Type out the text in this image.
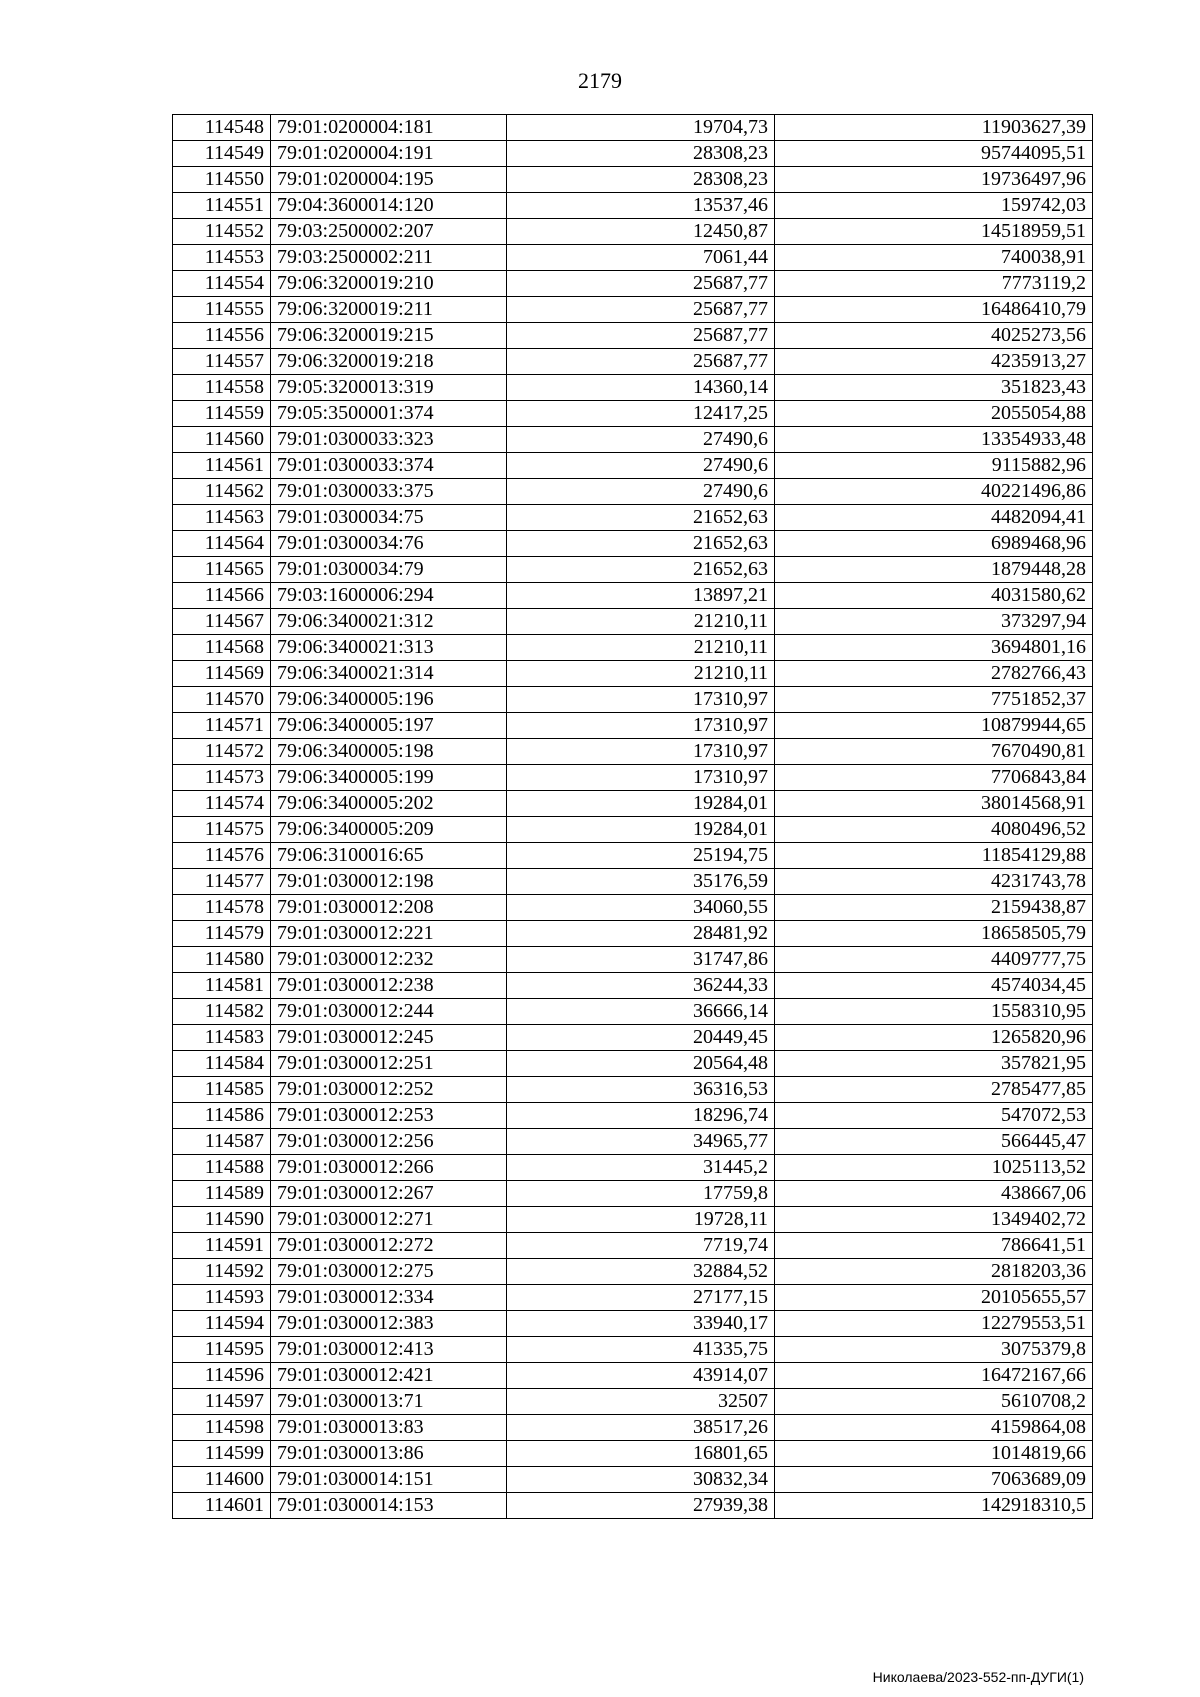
2179
114548	79:01:0200004:181	19704,73	11903627,39
114549	79:01:0200004:191	28308,23	95744095,51
114550	79:01:0200004:195	28308,23	19736497,96
114551	79:04:3600014:120	13537,46	159742,03
114552	79:03:2500002:207	12450,87	14518959,51
114553	79:03:2500002:211	7061,44	740038,91
114554	79:06:3200019:210	25687,77	7773119,2
114555	79:06:3200019:211	25687,77	16486410,79
114556	79:06:3200019:215	25687,77	4025273,56
114557	79:06:3200019:218	25687,77	4235913,27
114558	79:05:3200013:319	14360,14	351823,43
114559	79:05:3500001:374	12417,25	2055054,88
114560	79:01:0300033:323	27490,6	13354933,48
114561	79:01:0300033:374	27490,6	9115882,96
114562	79:01:0300033:375	27490,6	40221496,86
114563	79:01:0300034:75	21652,63	4482094,41
114564	79:01:0300034:76	21652,63	6989468,96
114565	79:01:0300034:79	21652,63	1879448,28
114566	79:03:1600006:294	13897,21	4031580,62
114567	79:06:3400021:312	21210,11	373297,94
114568	79:06:3400021:313	21210,11	3694801,16
114569	79:06:3400021:314	21210,11	2782766,43
114570	79:06:3400005:196	17310,97	7751852,37
114571	79:06:3400005:197	17310,97	10879944,65
114572	79:06:3400005:198	17310,97	7670490,81
114573	79:06:3400005:199	17310,97	7706843,84
114574	79:06:3400005:202	19284,01	38014568,91
114575	79:06:3400005:209	19284,01	4080496,52
114576	79:06:3100016:65	25194,75	11854129,88
114577	79:01:0300012:198	35176,59	4231743,78
114578	79:01:0300012:208	34060,55	2159438,87
114579	79:01:0300012:221	28481,92	18658505,79
114580	79:01:0300012:232	31747,86	4409777,75
114581	79:01:0300012:238	36244,33	4574034,45
114582	79:01:0300012:244	36666,14	1558310,95
114583	79:01:0300012:245	20449,45	1265820,96
114584	79:01:0300012:251	20564,48	357821,95
114585	79:01:0300012:252	36316,53	2785477,85
114586	79:01:0300012:253	18296,74	547072,53
114587	79:01:0300012:256	34965,77	566445,47
114588	79:01:0300012:266	31445,2	1025113,52
114589	79:01:0300012:267	17759,8	438667,06
114590	79:01:0300012:271	19728,11	1349402,72
114591	79:01:0300012:272	7719,74	786641,51
114592	79:01:0300012:275	32884,52	2818203,36
114593	79:01:0300012:334	27177,15	20105655,57
114594	79:01:0300012:383	33940,17	12279553,51
114595	79:01:0300012:413	41335,75	3075379,8
114596	79:01:0300012:421	43914,07	16472167,66
114597	79:01:0300013:71	32507	5610708,2
114598	79:01:0300013:83	38517,26	4159864,08
114599	79:01:0300013:86	16801,65	1014819,66
114600	79:01:0300014:151	30832,34	7063689,09
114601	79:01:0300014:153	27939,38	142918310,5
Николаева/2023-552-пп-ДУГИ(1)
